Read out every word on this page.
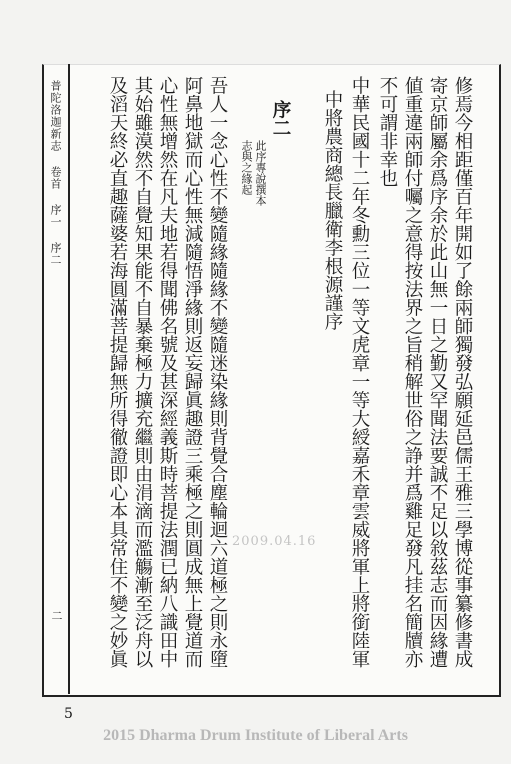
普陀洛迦新志 卷首 序一 序二
二	修焉今相距僅百年開如了餘兩師獨發弘願延邑儒王雅三學博從事纂修書成
寄京師屬余爲序余於此山無一日之勤又罕聞法要誠不足以敘茲志而因緣遭
値重違兩師付囑之意得按法界之旨稍解世俗之諍并爲雞足發凡挂名簡牘亦
不可謂非幸也
中華民國十二年冬勳三位一等文虎章一等大綬嘉禾章雲威將軍上將銜陸軍
中將農商總長臘衛李根源謹序
序二
此序專說撰本
志與之緣起
吾人一念心性不變隨緣隨緣不變隨迷染緣則背覺合塵輪迴六道極之則永墮
阿鼻地獄而心性無減隨悟淨緣則返妄歸眞趣證三乘極之則圓成無上覺道而
心性無增然在凡夫地若得聞佛名號及甚深經義斯時菩提法潤已納八識田中
其始雖漠然不自覺知果能不自暴棄極力擴充繼則由涓滴而濫觴漸至泛舟以
及滔天終必直趣薩婆若海圓滿菩提歸無所得徹證即心本具常住不變之妙眞	2009.04.16
5
2015 Dharma Drum Institute of Liberal Arts
